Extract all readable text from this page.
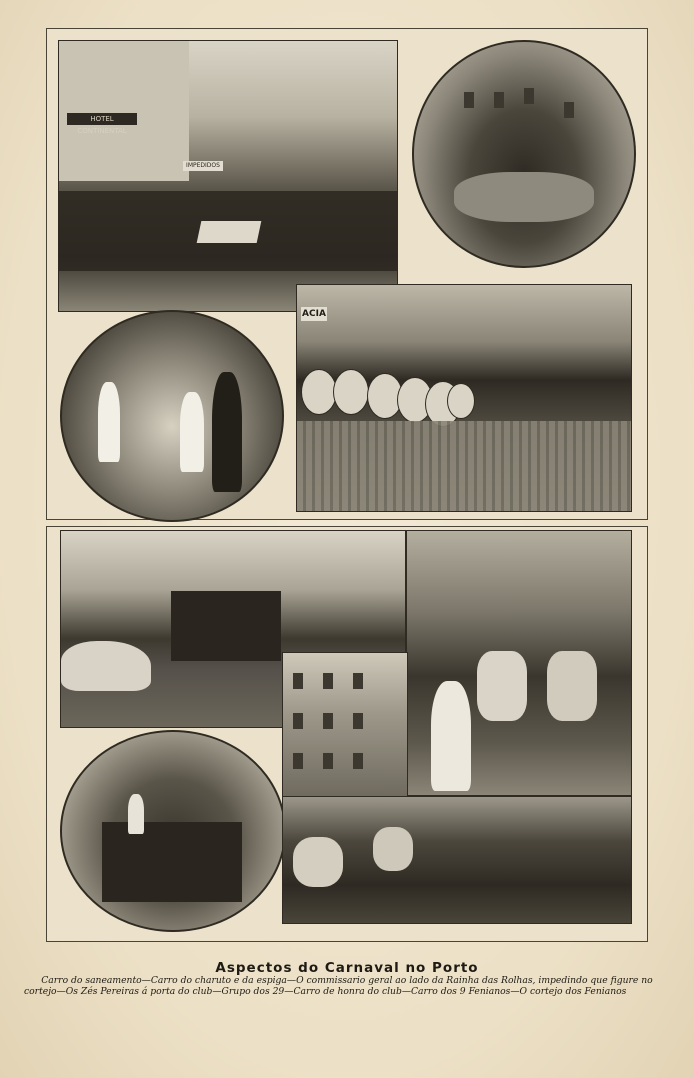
HOTEL CONTINENTAL
IMPEDIDOS
ACIA
Aspectos do Carnaval no Porto
Carro do saneamento—Carro do charuto e da espiga—O commissario geral ao lado da Rainha das Rolhas, impedindo que figure no
cortejo—Os Zés Pereiras á porta do club—Grupo dos 29—Carro de honra do club—Carro dos 9 Fenianos—O cortejo dos Fenianos
